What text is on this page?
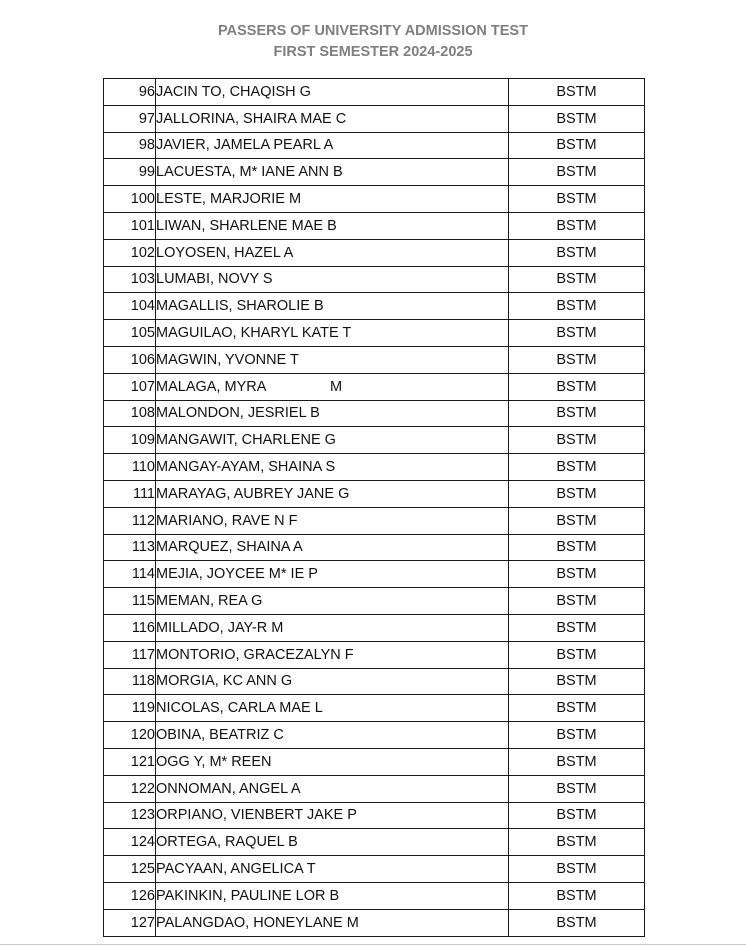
PASSERS OF UNIVERSITY ADMISSION TEST
FIRST SEMESTER 2024-2025
96	JACIN TO, CHAQISH G	BSTM
97	JALLORINA, SHAIRA MAE C	BSTM
98	JAVIER, JAMELA PEARL A	BSTM
99	LACUESTA, M* IANE ANN B	BSTM
100	LESTE, MARJORIE M	BSTM
101	LIWAN, SHARLENE MAE B	BSTM
102	LOYOSEN, HAZEL A	BSTM
103	LUMABI, NOVY S	BSTM
104	MAGALLIS, SHAROLIE B	BSTM
105	MAGUILAO, KHARYL KATE T	BSTM
106	MAGWIN, YVONNE T	BSTM
107	MALAGA, MYRA                M	BSTM
108	MALONDON, JESRIEL B	BSTM
109	MANGAWIT, CHARLENE G	BSTM
110	MANGAY-AYAM, SHAINA S	BSTM
111	MARAYAG, AUBREY JANE G	BSTM
112	MARIANO, RAVE N F	BSTM
113	MARQUEZ, SHAINA A	BSTM
114	MEJIA, JOYCEE M* IE P	BSTM
115	MEMAN, REA G	BSTM
116	MILLADO, JAY-R M	BSTM
117	MONTORIO, GRACEZALYN F	BSTM
118	MORGIA, KC ANN G	BSTM
119	NICOLAS, CARLA MAE L	BSTM
120	OBINA, BEATRIZ C	BSTM
121	OGG Y, M* REEN	BSTM
122	ONNOMAN, ANGEL A	BSTM
123	ORPIANO, VIENBERT JAKE P	BSTM
124	ORTEGA, RAQUEL B	BSTM
125	PACYAAN, ANGELICA T	BSTM
126	PAKINKIN, PAULINE LOR B	BSTM
127	PALANGDAO, HONEYLANE M	BSTM
